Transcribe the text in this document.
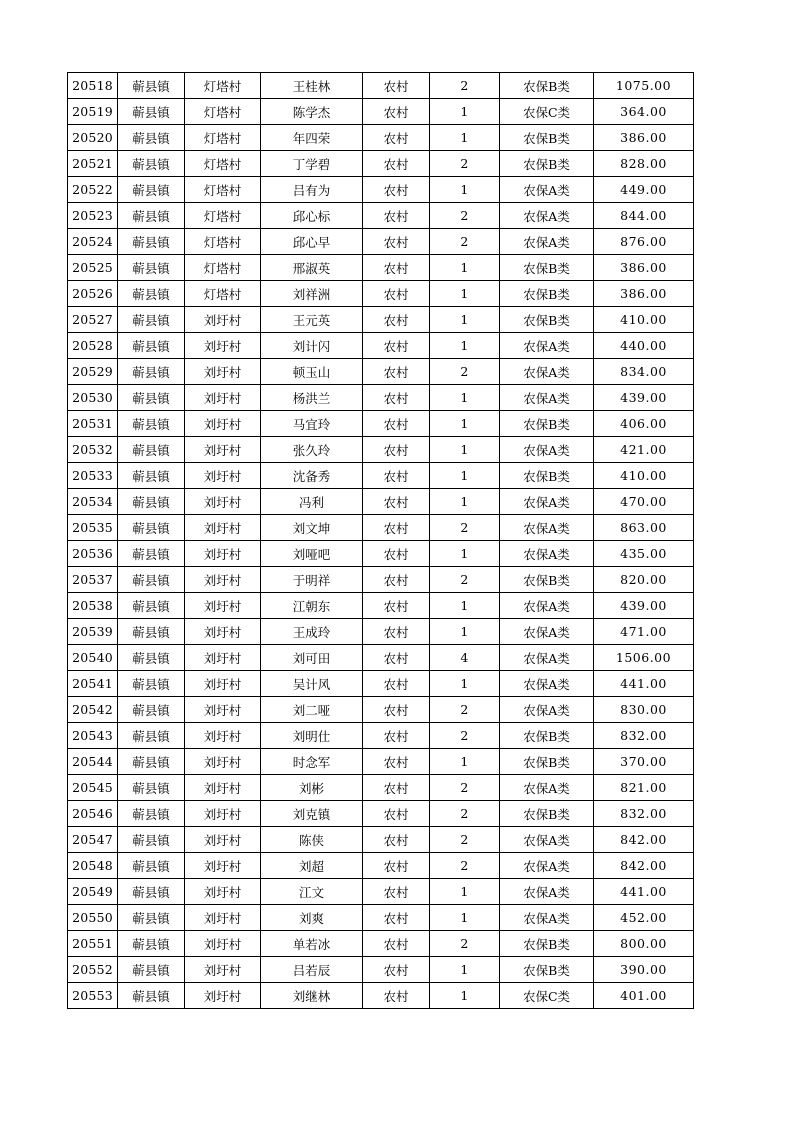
20518	蕲县镇	灯塔村	王桂林	农村	2	农保B类	1075.00
20519	蕲县镇	灯塔村	陈学杰	农村	1	农保C类	364.00
20520	蕲县镇	灯塔村	年四荣	农村	1	农保B类	386.00
20521	蕲县镇	灯塔村	丁学碧	农村	2	农保B类	828.00
20522	蕲县镇	灯塔村	吕有为	农村	1	农保A类	449.00
20523	蕲县镇	灯塔村	邱心标	农村	2	农保A类	844.00
20524	蕲县镇	灯塔村	邱心早	农村	2	农保A类	876.00
20525	蕲县镇	灯塔村	邢淑英	农村	1	农保B类	386.00
20526	蕲县镇	灯塔村	刘祥洲	农村	1	农保B类	386.00
20527	蕲县镇	刘圩村	王元英	农村	1	农保B类	410.00
20528	蕲县镇	刘圩村	刘计闪	农村	1	农保A类	440.00
20529	蕲县镇	刘圩村	顿玉山	农村	2	农保A类	834.00
20530	蕲县镇	刘圩村	杨洪兰	农村	1	农保A类	439.00
20531	蕲县镇	刘圩村	马宜玲	农村	1	农保B类	406.00
20532	蕲县镇	刘圩村	张久玲	农村	1	农保A类	421.00
20533	蕲县镇	刘圩村	沈备秀	农村	1	农保B类	410.00
20534	蕲县镇	刘圩村	冯利	农村	1	农保A类	470.00
20535	蕲县镇	刘圩村	刘文坤	农村	2	农保A类	863.00
20536	蕲县镇	刘圩村	刘哑吧	农村	1	农保A类	435.00
20537	蕲县镇	刘圩村	于明祥	农村	2	农保B类	820.00
20538	蕲县镇	刘圩村	江朝东	农村	1	农保A类	439.00
20539	蕲县镇	刘圩村	王成玲	农村	1	农保A类	471.00
20540	蕲县镇	刘圩村	刘可田	农村	4	农保A类	1506.00
20541	蕲县镇	刘圩村	吴计风	农村	1	农保A类	441.00
20542	蕲县镇	刘圩村	刘二哑	农村	2	农保A类	830.00
20543	蕲县镇	刘圩村	刘明仕	农村	2	农保B类	832.00
20544	蕲县镇	刘圩村	时念军	农村	1	农保B类	370.00
20545	蕲县镇	刘圩村	刘彬	农村	2	农保A类	821.00
20546	蕲县镇	刘圩村	刘克镇	农村	2	农保B类	832.00
20547	蕲县镇	刘圩村	陈侠	农村	2	农保A类	842.00
20548	蕲县镇	刘圩村	刘超	农村	2	农保A类	842.00
20549	蕲县镇	刘圩村	江文	农村	1	农保A类	441.00
20550	蕲县镇	刘圩村	刘爽	农村	1	农保A类	452.00
20551	蕲县镇	刘圩村	单若冰	农村	2	农保B类	800.00
20552	蕲县镇	刘圩村	吕若辰	农村	1	农保B类	390.00
20553	蕲县镇	刘圩村	刘继林	农村	1	农保C类	401.00
